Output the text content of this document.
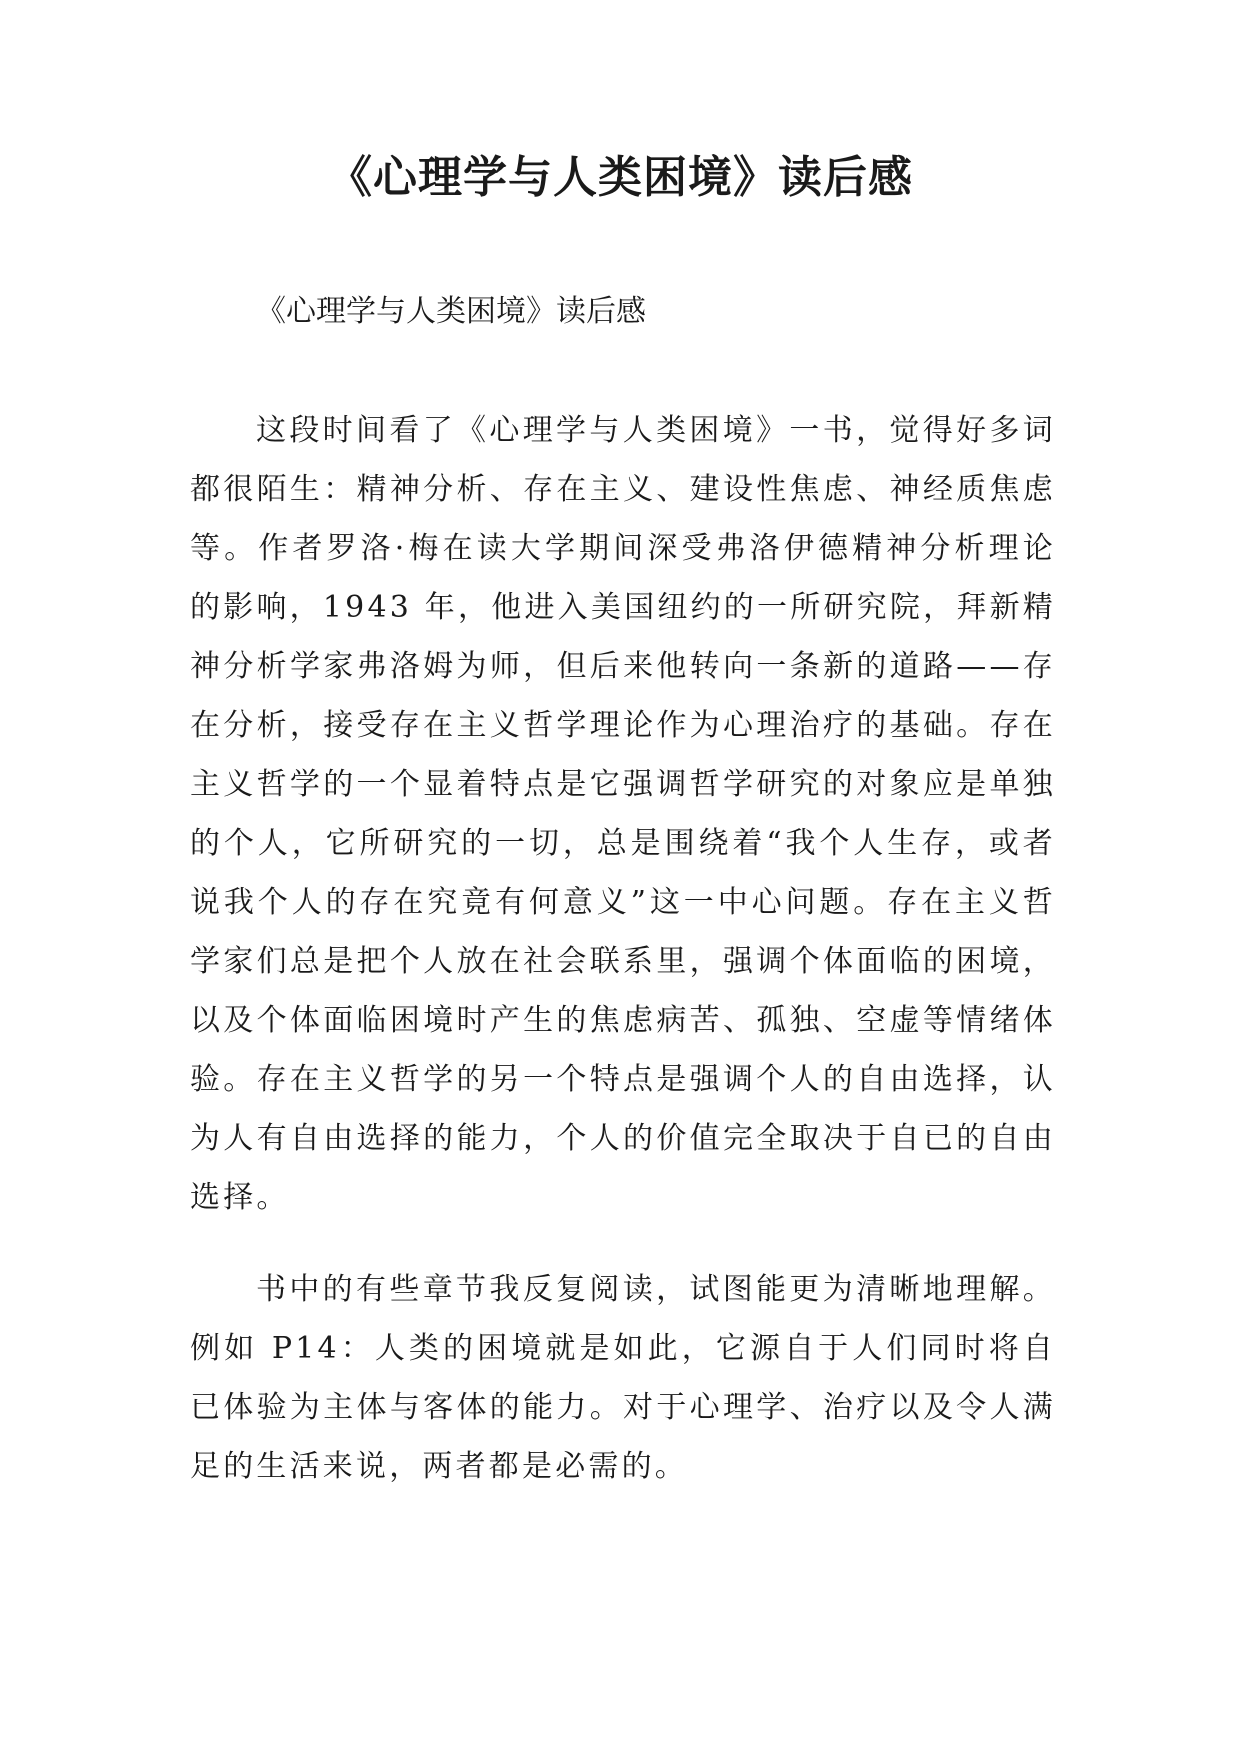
《心理学与人类困境》读后感

《心理学与人类困境》读后感

这段时间看了《心理学与人类困境》一书，觉得好多词都很陌生：精神分析、存在主义、建设性焦虑、神经质焦虑等。作者罗洛·梅在读大学期间深受弗洛伊德精神分析理论的影响，1943 年，他进入美国纽约的一所研究院，拜新精神分析学家弗洛姆为师，但后来他转向一条新的道路——存在分析，接受存在主义哲学理论作为心理治疗的基础。存在主义哲学的一个显着特点是它强调哲学研究的对象应是单独的个人，它所研究的一切，总是围绕着“我个人生存，或者说我个人的存在究竟有何意义”这一中心问题。存在主义哲学家们总是把个人放在社会联系里，强调个体面临的困境，以及个体面临困境时产生的焦虑病苦、孤独、空虚等情绪体验。存在主义哲学的另一个特点是强调个人的自由选择，认为人有自由选择的能力，个人的价值完全取决于自已的自由选择。

书中的有些章节我反复阅读，试图能更为清晰地理解。例如 P14：人类的困境就是如此，它源自于人们同时将自已体验为主体与客体的能力。对于心理学、治疗以及令人满足的生活来说，两者都是必需的。
